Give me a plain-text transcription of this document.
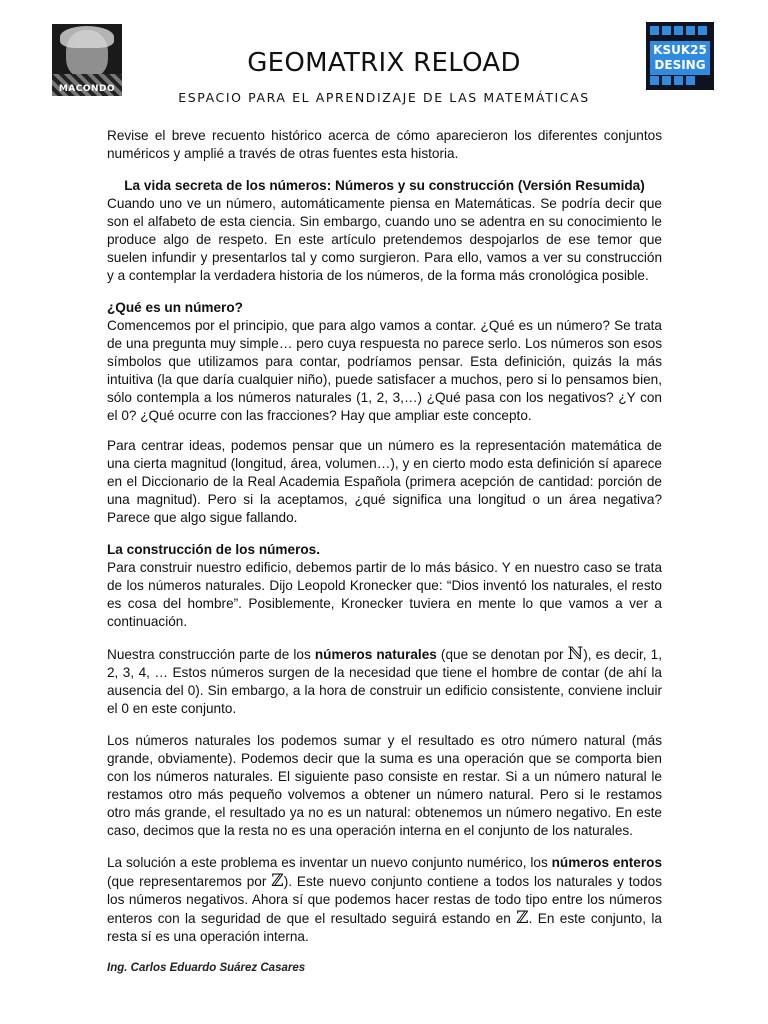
MACONDO
GEOMATRIX RELOAD
ESPACIO PARA EL APRENDIZAJE DE LAS MATEMÁTICAS
KSUK25
DESING

Revise el breve recuento histórico acerca de cómo aparecieron los diferentes conjuntos numéricos y amplié a través de otras fuentes esta historia.

La vida secreta de los números: Números y su construcción (Versión Resumida)

Cuando uno ve un número, automáticamente piensa en Matemáticas. Se podría decir que son el alfabeto de esta ciencia. Sin embargo, cuando uno se adentra en su conocimiento le produce algo de respeto. En este artículo pretendemos despojarlos de ese temor que suelen infundir y presentarlos tal y como surgieron. Para ello, vamos a ver su construcción y a contemplar la verdadera historia de los números, de la forma más cronológica posible.

¿Qué es un número?

Comencemos por el principio, que para algo vamos a contar. ¿Qué es un número? Se trata de una pregunta muy simple… pero cuya respuesta no parece serlo. Los números son esos símbolos que utilizamos para contar, podríamos pensar. Esta definición, quizás la más intuitiva (la que daría cualquier niño), puede satisfacer a muchos, pero si lo pensamos bien, sólo contempla a los números naturales (1, 2, 3,…) ¿Qué pasa con los negativos? ¿Y con el 0? ¿Qué ocurre con las fracciones? Hay que ampliar este concepto.

Para centrar ideas, podemos pensar que un número es la representación matemática de una cierta magnitud (longitud, área, volumen…), y en cierto modo esta definición sí aparece en el Diccionario de la Real Academia Española (primera acepción de cantidad: porción de una magnitud). Pero si la aceptamos, ¿qué significa una longitud o un área negativa? Parece que algo sigue fallando.

La construcción de los números.

Para construir nuestro edificio, debemos partir de lo más básico. Y en nuestro caso se trata de los números naturales. Dijo Leopold Kronecker que: “Dios inventó los naturales, el resto es cosa del hombre”. Posiblemente, Kronecker tuviera en mente lo que vamos a ver a continuación.

Nuestra construcción parte de los números naturales (que se denotan por ℕ), es decir, 1, 2, 3, 4, … Estos números surgen de la necesidad que tiene el hombre de contar (de ahí la ausencia del 0). Sin embargo, a la hora de construir un edificio consistente, conviene incluir el 0 en este conjunto.

Los números naturales los podemos sumar y el resultado es otro número natural (más grande, obviamente). Podemos decir que la suma es una operación que se comporta bien con los números naturales. El siguiente paso consiste en restar. Si a un número natural le restamos otro más pequeño volvemos a obtener un número natural. Pero si le restamos otro más grande, el resultado ya no es un natural: obtenemos un número negativo. En este caso, decimos que la resta no es una operación interna en el conjunto de los naturales.

La solución a este problema es inventar un nuevo conjunto numérico, los números enteros (que representaremos por ℤ). Este nuevo conjunto contiene a todos los naturales y todos los números negativos. Ahora sí que podemos hacer restas de todo tipo entre los números enteros con la seguridad de que el resultado seguirá estando en ℤ. En este conjunto, la resta sí es una operación interna.

Ing. Carlos Eduardo Suárez Casares
